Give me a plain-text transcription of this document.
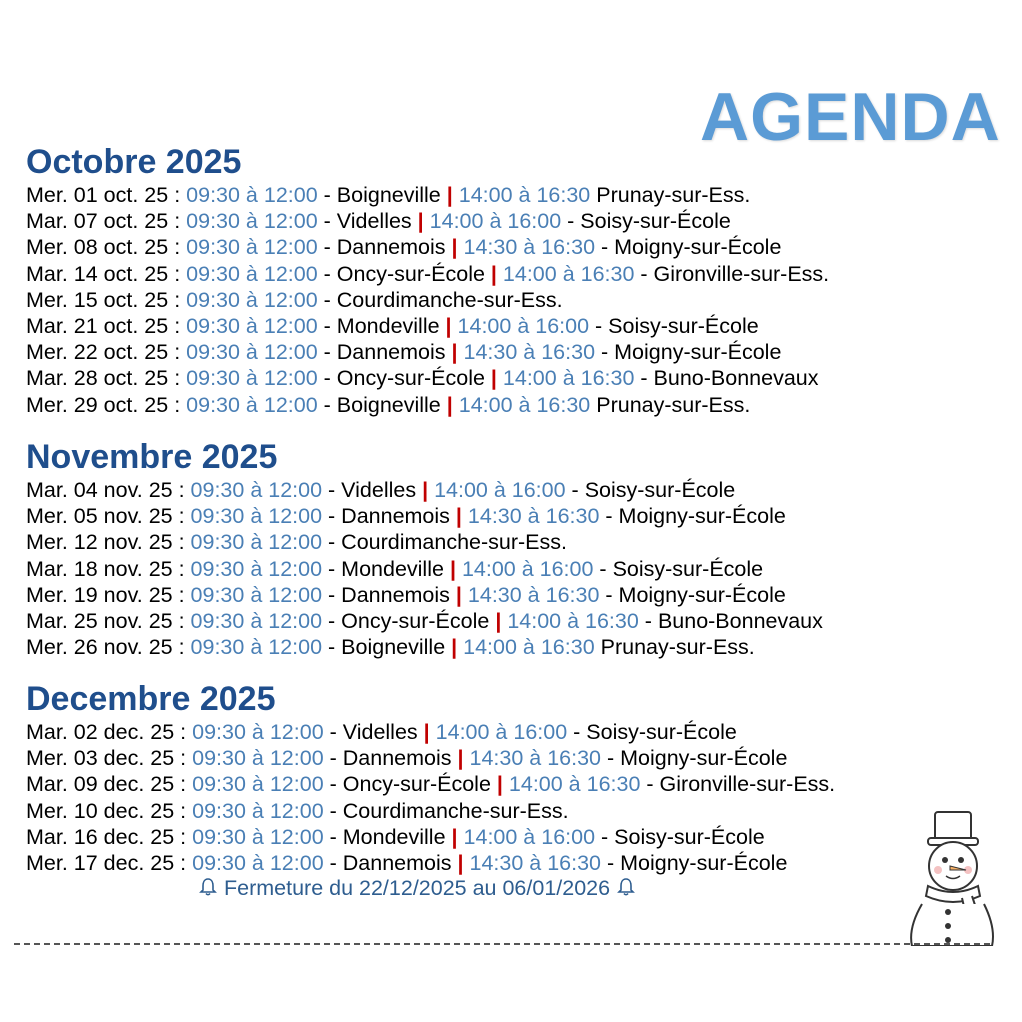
AGENDA
Octobre 2025
Mer. 01 oct. 25 : 09:30 à 12:00 - Boigneville | 14:00 à 16:30 Prunay-sur-Ess.
Mar. 07 oct. 25 : 09:30 à 12:00 - Videlles | 14:00 à 16:00 - Soisy-sur-École
Mer. 08 oct. 25 : 09:30 à 12:00 - Dannemois | 14:30 à 16:30 - Moigny-sur-École
Mar. 14 oct. 25 : 09:30 à 12:00 - Oncy-sur-École | 14:00 à 16:30 - Gironville-sur-Ess.
Mer. 15 oct. 25 : 09:30 à 12:00 - Courdimanche-sur-Ess.
Mar. 21 oct. 25 : 09:30 à 12:00 - Mondeville | 14:00 à 16:00 - Soisy-sur-École
Mer. 22 oct. 25 : 09:30 à 12:00 - Dannemois | 14:30 à 16:30 - Moigny-sur-École
Mar. 28 oct. 25 : 09:30 à 12:00 - Oncy-sur-École | 14:00 à 16:30 - Buno-Bonnevaux
Mer. 29 oct. 25 : 09:30 à 12:00 - Boigneville | 14:00 à 16:30 Prunay-sur-Ess.
Novembre 2025
Mar. 04 nov. 25 : 09:30 à 12:00 - Videlles | 14:00 à 16:00 - Soisy-sur-École
Mer. 05 nov. 25 : 09:30 à 12:00 - Dannemois | 14:30 à 16:30 - Moigny-sur-École
Mer. 12 nov. 25 : 09:30 à 12:00 - Courdimanche-sur-Ess.
Mar. 18 nov. 25 : 09:30 à 12:00 - Mondeville | 14:00 à 16:00 - Soisy-sur-École
Mer. 19 nov. 25 : 09:30 à 12:00 - Dannemois | 14:30 à 16:30 - Moigny-sur-École
Mar. 25 nov. 25 : 09:30 à 12:00 - Oncy-sur-École | 14:00 à 16:30 - Buno-Bonnevaux
Mer. 26 nov. 25 : 09:30 à 12:00 - Boigneville | 14:00 à 16:30 Prunay-sur-Ess.
Decembre 2025
Mar. 02 dec. 25 : 09:30 à 12:00 - Videlles | 14:00 à 16:00 - Soisy-sur-École
Mer. 03 dec. 25 : 09:30 à 12:00 - Dannemois | 14:30 à 16:30 - Moigny-sur-École
Mar. 09 dec. 25 : 09:30 à 12:00 - Oncy-sur-École | 14:00 à 16:30 - Gironville-sur-Ess.
Mer. 10 dec. 25 : 09:30 à 12:00 - Courdimanche-sur-Ess.
Mar. 16 dec. 25 : 09:30 à 12:00 - Mondeville | 14:00 à 16:00 - Soisy-sur-École
Mer. 17 dec. 25 : 09:30 à 12:00 - Dannemois | 14:30 à 16:30 - Moigny-sur-École
Fermeture du 22/12/2025 au 06/01/2026
